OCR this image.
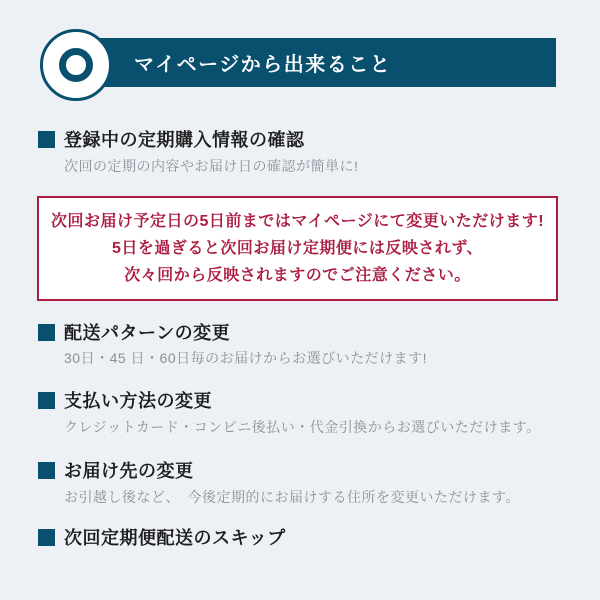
マイページから出来ること
登録中の定期購入情報の確認
次回の定期の内容やお届け日の確認が簡単に!
次回お届け予定日の5日前まではマイページにて変更いただけます!
5日を過ぎると次回お届け定期便には反映されず、
次々回から反映されますのでご注意ください。
配送パターンの変更
30日・45 日・60日毎のお届けからお選びいただけます!
支払い方法の変更
クレジットカード・コンビニ後払い・代金引換からお選びいただけます。
お届け先の変更
お引越し後など、　今後定期的にお届けする住所を変更いただけます。
次回定期便配送のスキップ
